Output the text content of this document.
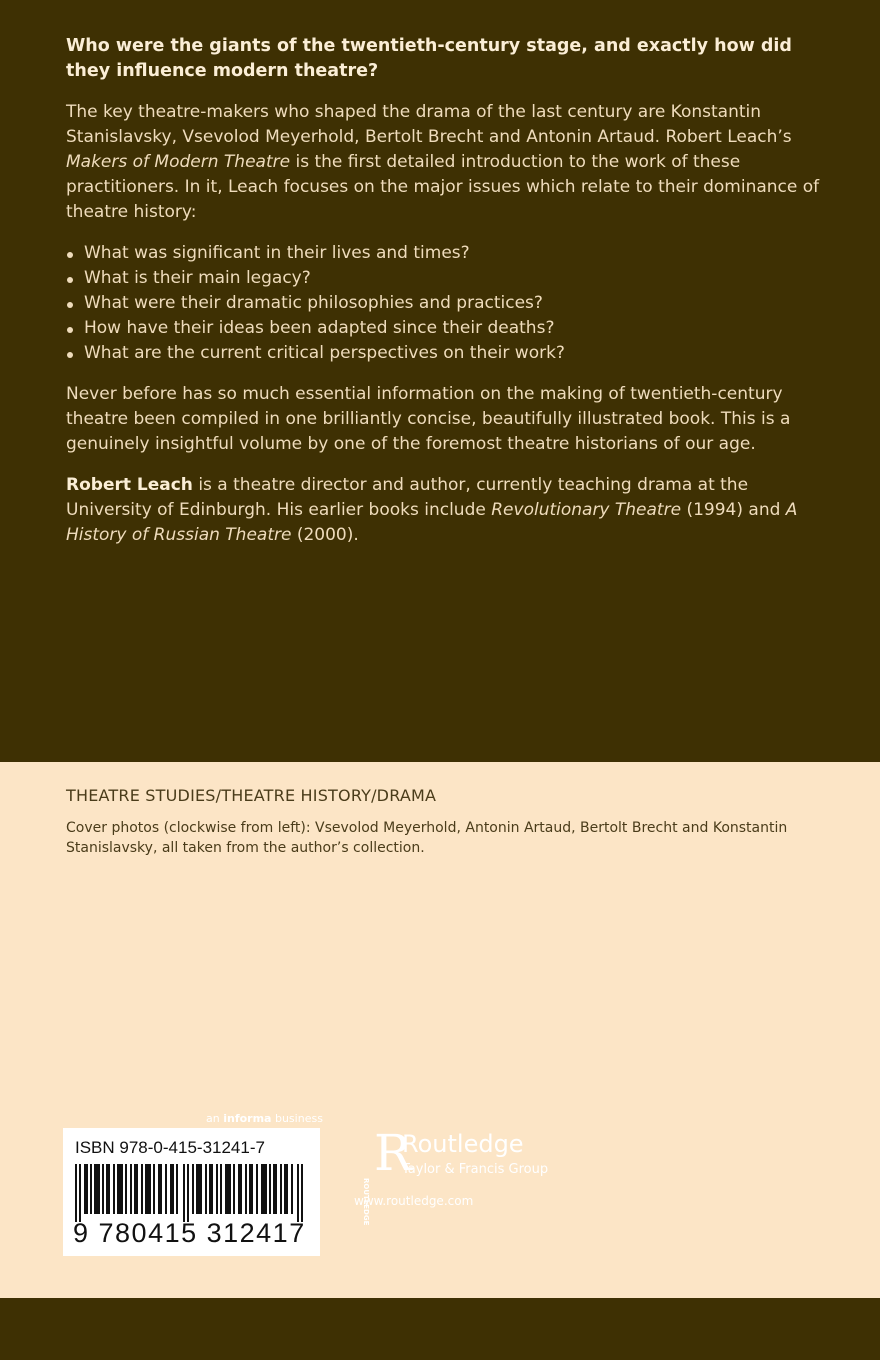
Who were the giants of the twentieth-century stage, and exactly how did they influence modern theatre?

The key theatre-makers who shaped the drama of the last century are Konstantin Stanislavsky, Vsevolod Meyerhold, Bertolt Brecht and Antonin Artaud. Robert Leach’s Makers of Modern Theatre is the first detailed introduction to the work of these practitioners. In it, Leach focuses on the major issues which relate to their dominance of theatre history:

What was significant in their lives and times?
What is their main legacy?
What were their dramatic philosophies and practices?
How have their ideas been adapted since their deaths?
What are the current critical perspectives on their work?

Never before has so much essential information on the making of twentieth-century theatre been compiled in one brilliantly concise, beautifully illustrated book. This is a genuinely insightful volume by one of the foremost theatre historians of our age.

Robert Leach is a theatre director and author, currently teaching drama at the University of Edinburgh. His earlier books include Revolutionary Theatre (1994) and A History of Russian Theatre (2000).

THEATRE STUDIES/THEATRE HISTORY/DRAMA
Cover photos (clockwise from left): Vsevolod Meyerhold, Antonin Artaud, Bertolt Brecht and Konstantin Stanislavsky, all taken from the author’s collection.
an informa business
ISBN 978-0-415-31241-7
9 780415 312417
R
ROUTLEDGE
Routledge
Taylor & Francis Group
www.routledge.com
